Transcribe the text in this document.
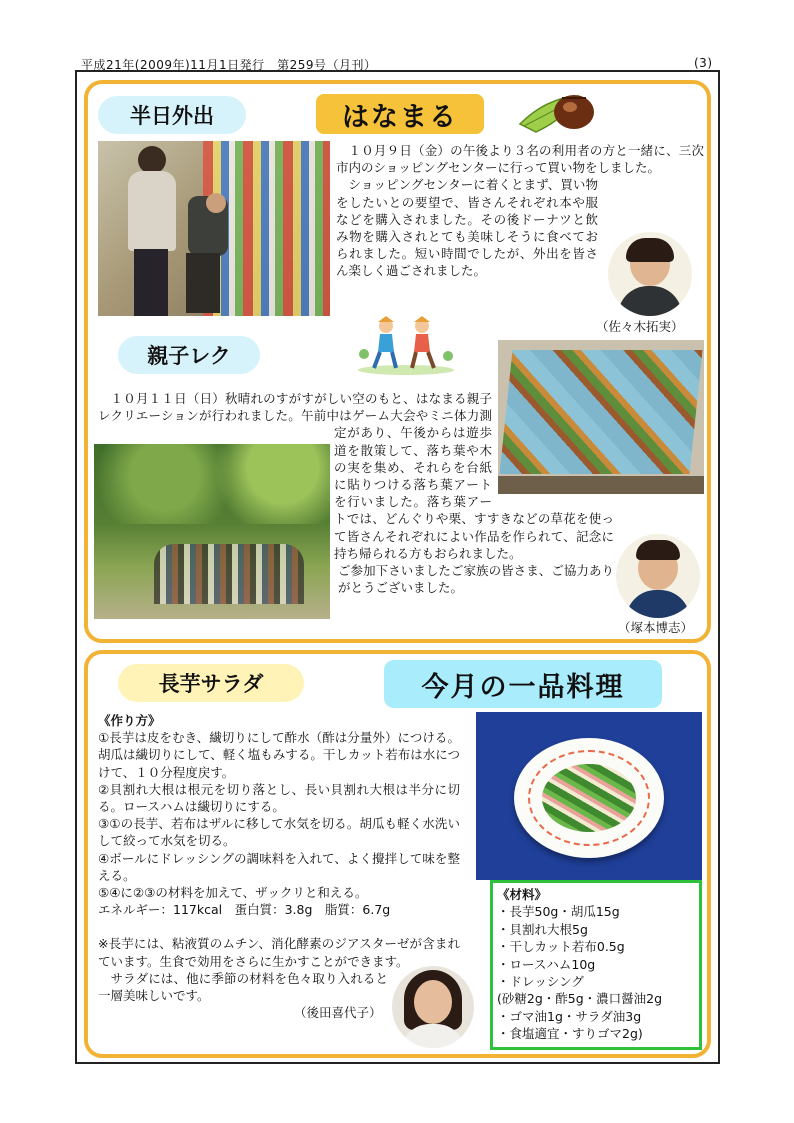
平成21年(2009年)11月1日発行　第259号（月刊）	(3)
半日外出	はなまる

１０月９日（金）の午後より３名の利用者の方と一緒に、三次市内のショッピングセンターに行って買い物をしました。

ショッピングセンターに着くとまず、買い物をしたいとの要望で、皆さんそれぞれ本や服などを購入されました。その後ドーナツと飲み物を購入されとても美味しそうに食べておられました。短い時間でしたが、外出を皆さん楽しく過ごされました。

（佐々木拓実）
親子レク

１０月１１日（日）秋晴れのすがすがしい空のもと、はなまる親子レクリエーションが行われました。午前中はゲーム大会やミニ体力測定があり、午後からは遊歩道を散策して、落ち葉や木の実を集め、それらを台紙に貼りつける落ち葉アートを行いました。落ち葉アートでは、どんぐりや栗、すすきなどの草花を使って皆さんそれぞれによい作品を作られて、記念に持ち帰られる方もおられました。

ご参加下さいましたご家族の皆さま、ご協力ありがとうございました。

（塚本博志）
長芋サラダ	今月の一品料理

《作り方》

①長芋は皮をむき、繊切りにして酢水（酢は分量外）につける。胡瓜は繊切りにして、軽く塩もみする。干しカット若布は水につけて、１０分程度戻す。

②貝割れ大根は根元を切り落とし、長い貝割れ大根は半分に切る。ロースハムは繊切りにする。

③①の長芋、若布はザルに移して水気を切る。胡瓜も軽く水洗いして絞って水気を切る。

④ボールにドレッシングの調味料を入れて、よく攪拌して味を整える。

⑤④に②③の材料を加えて、ザックリと和える。

エネルギー：117kcal　蛋白質：3.8g　脂質：6.7g

※長芋には、粘液質のムチン、消化酵素のジアスターゼが含まれています。生食で効用をさらに生かすことができます。

サラダには、他に季節の材料を色々取り入れると一層美味しいです。

（後田喜代子）

《材料》
・長芋50g・胡瓜15g
・貝割れ大根5g
・干しカット若布0.5g
・ロースハム10g
・ドレッシング
(砂糖2g・酢5g・濃口醤油2g
・ゴマ油1g・サラダ油3g
・食塩適宜・すりゴマ2g)
